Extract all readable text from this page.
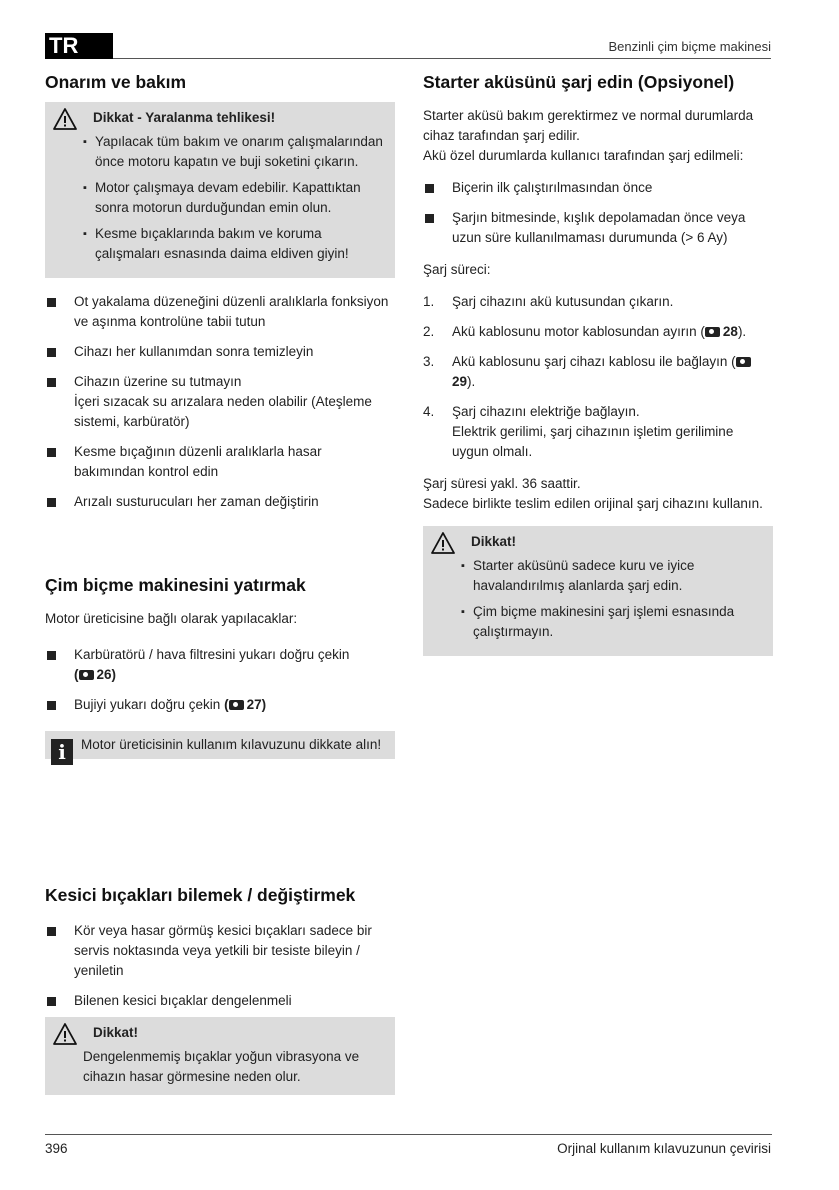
TR	Benzinli çim biçme makinesi
Onarım ve bakım
Dikkat - Yaralanma tehlikesi!
▪ Yapılacak tüm bakım ve onarım çalışmalarından önce motoru kapatın ve buji soketini çıkarın.
▪ Motor çalışmaya devam edebilir. Kapattıktan sonra motorun durduğundan emin olun.
▪ Kesme bıçaklarında bakım ve koruma çalışmaları esnasında daima eldiven giyin!
Ot yakalama düzeneğini düzenli aralıklarla fonksiyon ve aşınma kontrolüne tabii tutun
Cihazı her kullanımdan sonra temizleyin
Cihazın üzerine su tutmayın
İçeri sızacak su arızalara neden olabilir (Ateşleme sistemi, karbüratör)
Kesme bıçağının düzenli aralıklarla hasar bakımından kontrol edin
Arızalı susturucuları her zaman değiştirin
Çim biçme makinesini yatırmak

Motor üreticisine bağlı olarak yapılacaklar:

Karbüratörü / hava filtresini yukarı doğru çekin
( 26)
Bujiyi yukarı doğru çekin ( 27)
i	Motor üreticisinin kullanım kılavuzunu dikkate alın!

Kesici bıçakları bilemek / değiştirmek
Kör veya hasar görmüş kesici bıçakları sadece bir servis noktasında veya yetkili bir tesiste bileyin / yeniletin
Bilenen kesici bıçaklar dengelenmeli
Dikkat!

Dengelenmemiş bıçaklar yoğun vibrasyona ve cihazın hasar görmesine neden olur.

Starter aküsünü şarj edin (Opsiyonel)

Starter aküsü bakım gerektirmez ve normal durumlarda cihaz tarafından şarj edilir.

Akü özel durumlarda kullanıcı tarafından şarj edilmeli:

Biçerin ilk çalıştırılmasından önce
Şarjın bitmesinde, kışlık depolamadan önce veya uzun süre kullanılmaması durumunda (> 6 Ay)

Şarj süreci:

1. Şarj cihazını akü kutusundan çıkarın.
2. Akü kablosunu motor kablosundan ayırın ( 28).
3. Akü kablosunu şarj cihazı kablosu ile bağlayın (29).
4. Şarj cihazını elektriğe bağlayın.
Elektrik gerilimi, şarj cihazının işletim gerilimine uygun olmalı.

Şarj süresi yakl. 36 saattir.

Sadece birlikte teslim edilen orijinal şarj cihazını kullanın.

Dikkat!
▪ Starter aküsünü sadece kuru ve iyice havalandırılmış alanlarda şarj edin.
▪ Çim biçme makinesini şarj işlemi esnasında çalıştırmayın.
396	Orjinal kullanım kılavuzunun çevirisi
